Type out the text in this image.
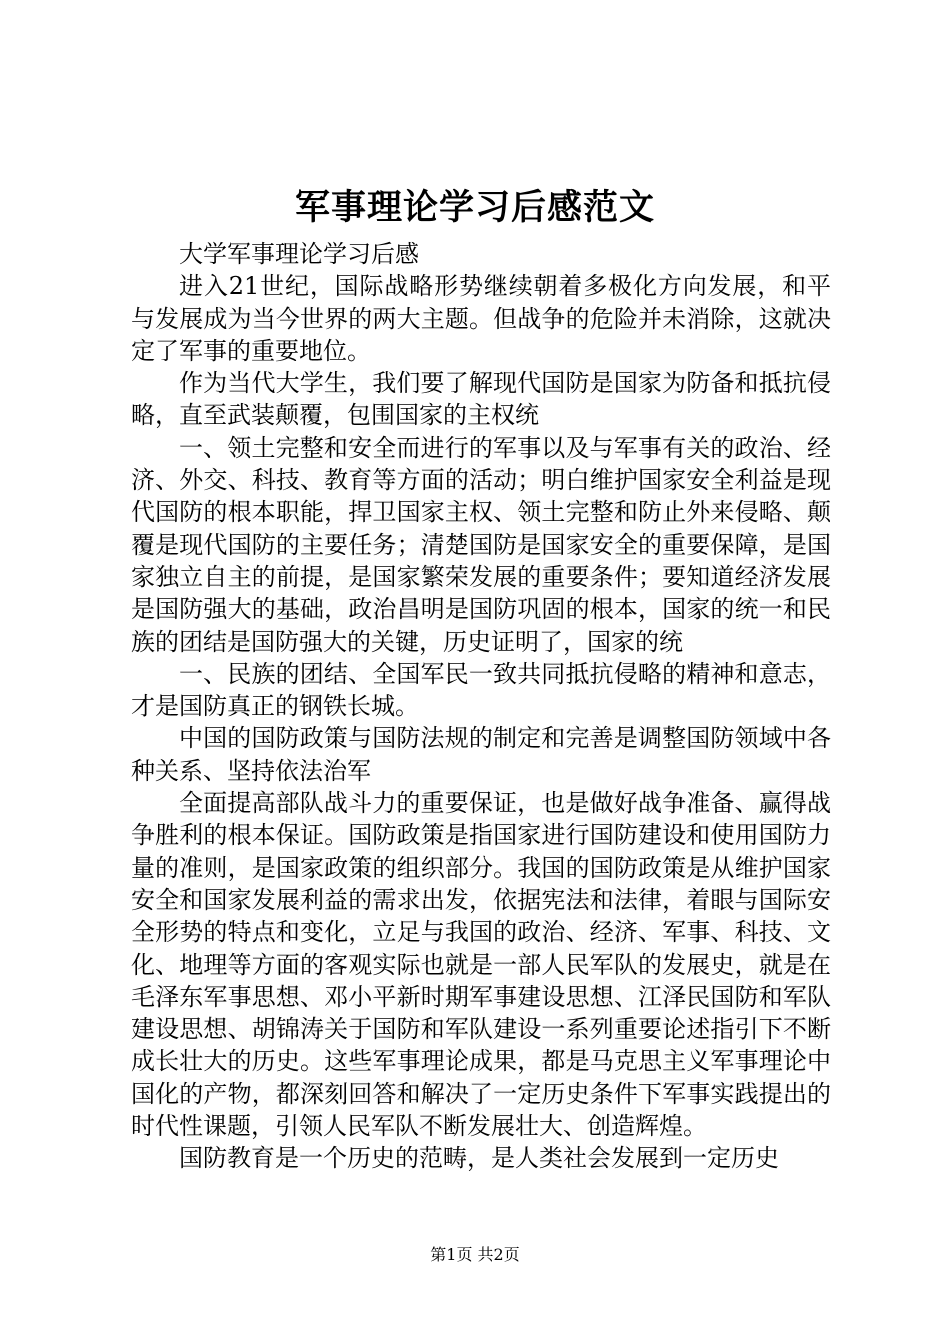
军事理论学习后感范文

大学军事理论学习后感

进入21世纪，国际战略形势继续朝着多极化方向发展，和平与发展成为当今世界的两大主题。但战争的危险并未消除，这就决定了军事的重要地位。

作为当代大学生，我们要了解现代国防是国家为防备和抵抗侵略，直至武装颠覆，包围国家的主权统

一、领土完整和安全而进行的军事以及与军事有关的政治、经济、外交、科技、教育等方面的活动；明白维护国家安全利益是现代国防的根本职能，捍卫国家主权、领土完整和防止外来侵略、颠覆是现代国防的主要任务；清楚国防是国家安全的重要保障，是国家独立自主的前提，是国家繁荣发展的重要条件；要知道经济发展是国防强大的基础，政治昌明是国防巩固的根本，国家的统一和民族的团结是国防强大的关键，历史证明了，国家的统

一、民族的团结、全国军民一致共同抵抗侵略的精神和意志，才是国防真正的钢铁长城。

中国的国防政策与国防法规的制定和完善是调整国防领域中各种关系、坚持依法治军

全面提高部队战斗力的重要保证，也是做好战争准备、赢得战争胜利的根本保证。国防政策是指国家进行国防建设和使用国防力量的准则，是国家政策的组织部分。我国的国防政策是从维护国家安全和国家发展利益的需求出发，依据宪法和法律，着眼与国际安全形势的特点和变化，立足与我国的政治、经济、军事、科技、文化、地理等方面的客观实际也就是一部人民军队的发展史，就是在毛泽东军事思想、邓小平新时期军事建设思想、江泽民国防和军队建设思想、胡锦涛关于国防和军队建设一系列重要论述指引下不断成长壮大的历史。这些军事理论成果，都是马克思主义军事理论中国化的产物，都深刻回答和解决了一定历史条件下军事实践提出的时代性课题，引领人民军队不断发展壮大、创造辉煌。

国防教育是一个历史的范畴，是人类社会发展到一定历史

第1页 共2页
